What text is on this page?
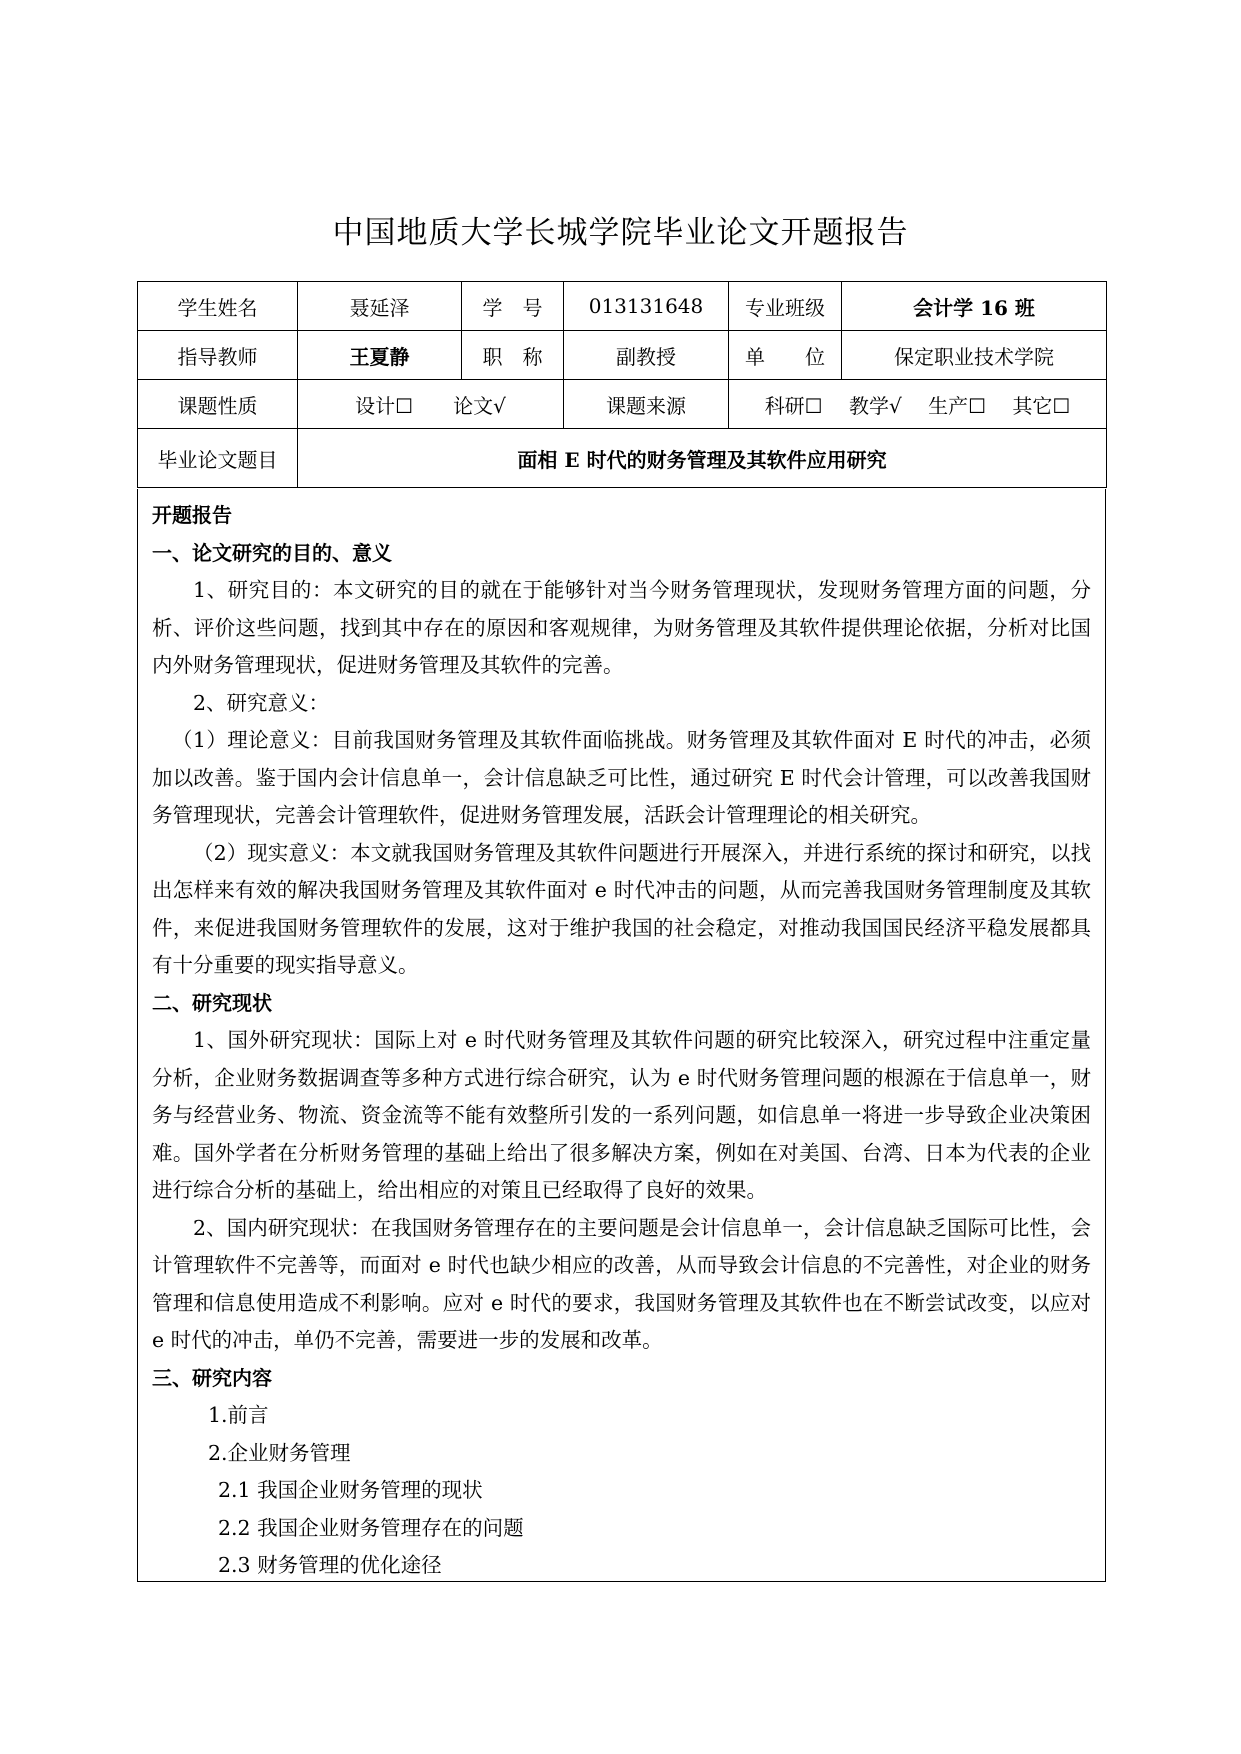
中国地质大学长城学院毕业论文开题报告
学生姓名	聂延泽	学　号	013131648	专业班级	会计学 16 班
指导教师	王夏静	职　称	副教授	单　　位	保定职业技术学院
课题性质	设计☐　　论文√		课题来源	科研☐　 教学√　 生产☐　 其它☐	
毕业论文题目	面相 E 时代的财务管理及其软件应用研究				

开题报告

一、论文研究的目的、意义

1、研究目的：本文研究的目的就在于能够针对当今财务管理现状，发现财务管理方面的问题，分析、评价这些问题，找到其中存在的原因和客观规律，为财务管理及其软件提供理论依据，分析对比国内外财务管理现状，促进财务管理及其软件的完善。

2、研究意义：

（1）理论意义：目前我国财务管理及其软件面临挑战。财务管理及其软件面对 E 时代的冲击，必须加以改善。鉴于国内会计信息单一，会计信息缺乏可比性，通过研究 E 时代会计管理，可以改善我国财务管理现状，完善会计管理软件，促进财务管理发展，活跃会计管理理论的相关研究。

（2）现实意义：本文就我国财务管理及其软件问题进行开展深入，并进行系统的探讨和研究，以找出怎样来有效的解决我国财务管理及其软件面对 e 时代冲击的问题，从而完善我国财务管理制度及其软件，来促进我国财务管理软件的发展，这对于维护我国的社会稳定，对推动我国国民经济平稳发展都具有十分重要的现实指导意义。

二、研究现状

1、国外研究现状：国际上对 e 时代财务管理及其软件问题的研究比较深入，研究过程中注重定量分析，企业财务数据调查等多种方式进行综合研究，认为 e 时代财务管理问题的根源在于信息单一，财务与经营业务、物流、资金流等不能有效整所引发的一系列问题，如信息单一将进一步导致企业决策困难。国外学者在分析财务管理的基础上给出了很多解决方案，例如在对美国、台湾、日本为代表的企业进行综合分析的基础上，给出相应的对策且已经取得了良好的效果。

2、国内研究现状：在我国财务管理存在的主要问题是会计信息单一，会计信息缺乏国际可比性，会计管理软件不完善等，而面对 e 时代也缺少相应的改善，从而导致会计信息的不完善性，对企业的财务管理和信息使用造成不利影响。应对 e 时代的要求，我国财务管理及其软件也在不断尝试改变，以应对 e 时代的冲击，单仍不完善，需要进一步的发展和改革。

三、研究内容

1.前言

2.企业财务管理

2.1 我国企业财务管理的现状

2.2 我国企业财务管理存在的问题

2.3 财务管理的优化途径
